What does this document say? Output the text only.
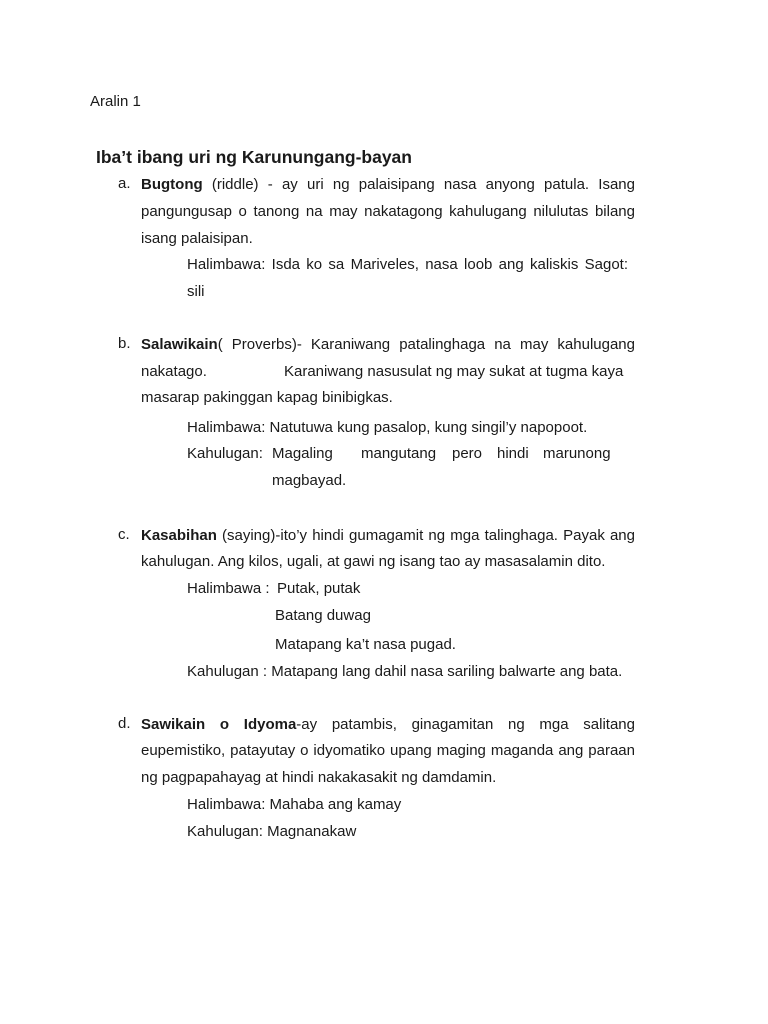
Aralin 1
Iba’t ibang uri ng Karunungang-bayan
a. Bugtong (riddle) - ay uri ng palaisipang nasa anyong patula. Isang
pangungusap o tanong na may nakatagong kahulugang nilulutas bilang
isang palaisipan.
Halimbawa: Isda ko sa Mariveles, nasa loob ang kaliskis Sagot:
sili
b. Salawikain( Proverbs)- Karaniwang patalinghaga na may kahulugang
nakatago.	Karaniwang nasusulat ng may sukat at tugma kaya
masarap pakinggan kapag binibigkas.
Halimbawa: Natutuwa kung pasalop, kung singil’y napopoot.
Kahulugan: Magaling mangutang pero hindi marunong
magbayad.
c. Kasabihan (saying)-ito’y hindi gumagamit ng mga talinghaga. Payak ang
kahulugan. Ang kilos, ugali, at gawi ng isang tao ay masasalamin dito.
Halimbawa : Putak, putak
Batang duwag
Matapang ka’t nasa pugad.
Kahulugan : Matapang lang dahil nasa sariling balwarte ang bata.
d. Sawikain o Idyoma-ay patambis, ginagamitan ng mga salitang
eupemistiko, patayutay o idyomatiko upang maging maganda ang paraan
ng pagpapahayag at hindi nakakasakit ng damdamin.
Halimbawa: Mahaba ang kamay
Kahulugan: Magnanakaw
